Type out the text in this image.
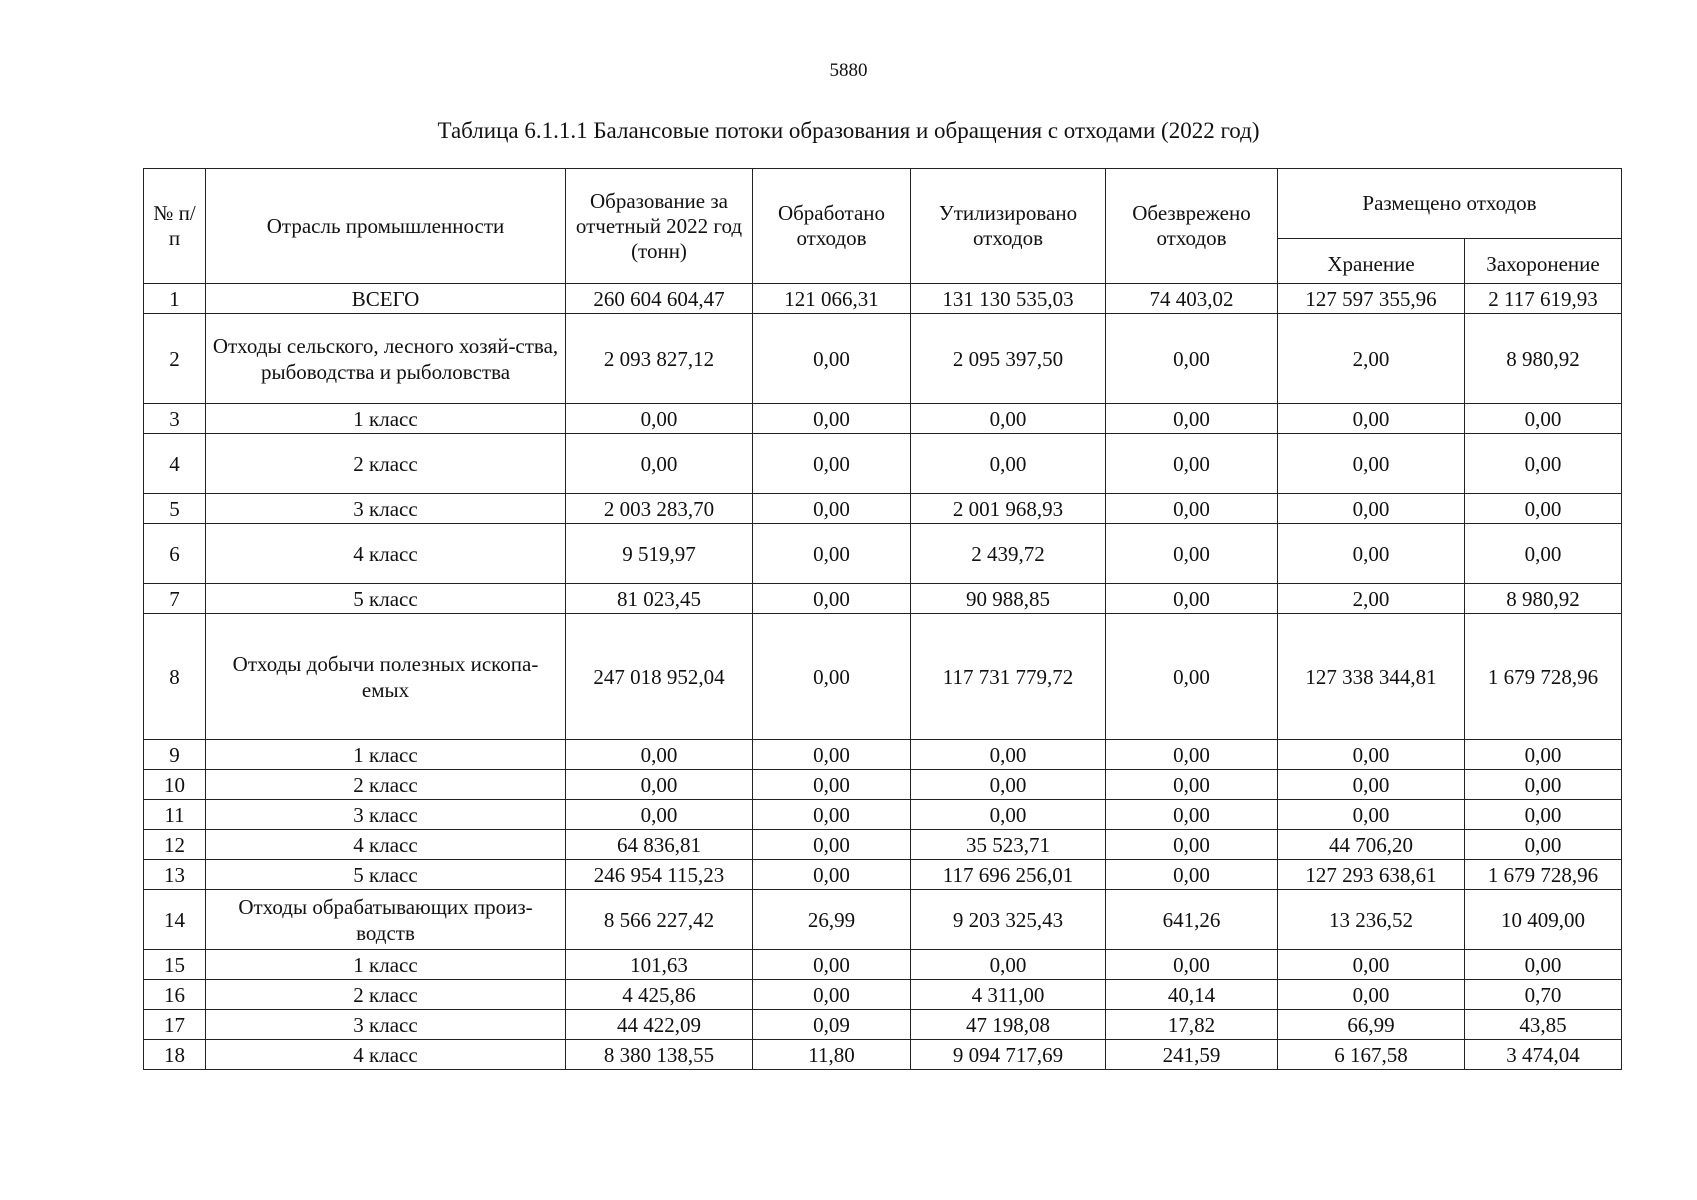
5880
Таблица 6.1.1.1 Балансовые потоки образования и обращения с отходами (2022 год)
№ п/п	Отрасль промышленности	Образование за отчетный 2022 год (тонн)	Обработано отходов	Утилизировано отходов	Обезврежено отходов	Размещено отходов	
						Хранение	Захоронение
1	ВСЕГО	260 604 604,47	121 066,31	131 130 535,03	74 403,02	127 597 355,96	2 117 619,93
2	Отходы сельского, лесного хозяй-ства, рыбоводства и рыболовства	2 093 827,12	0,00	2 095 397,50	0,00	2,00	8 980,92
3	1 класс	0,00	0,00	0,00	0,00	0,00	0,00
4	2 класс	0,00	0,00	0,00	0,00	0,00	0,00
5	3 класс	2 003 283,70	0,00	2 001 968,93	0,00	0,00	0,00
6	4 класс	9 519,97	0,00	2 439,72	0,00	0,00	0,00
7	5 класс	81 023,45	0,00	90 988,85	0,00	2,00	8 980,92
8	Отходы добычи полезных ископа-емых	247 018 952,04	0,00	117 731 779,72	0,00	127 338 344,81	1 679 728,96
9	1 класс	0,00	0,00	0,00	0,00	0,00	0,00
10	2 класс	0,00	0,00	0,00	0,00	0,00	0,00
11	3 класс	0,00	0,00	0,00	0,00	0,00	0,00
12	4 класс	64 836,81	0,00	35 523,71	0,00	44 706,20	0,00
13	5 класс	246 954 115,23	0,00	117 696 256,01	0,00	127 293 638,61	1 679 728,96
14	Отходы обрабатывающих произ-водств	8 566 227,42	26,99	9 203 325,43	641,26	13 236,52	10 409,00
15	1 класс	101,63	0,00	0,00	0,00	0,00	0,00
16	2 класс	4 425,86	0,00	4 311,00	40,14	0,00	0,70
17	3 класс	44 422,09	0,09	47 198,08	17,82	66,99	43,85
18	4 класс	8 380 138,55	11,80	9 094 717,69	241,59	6 167,58	3 474,04
